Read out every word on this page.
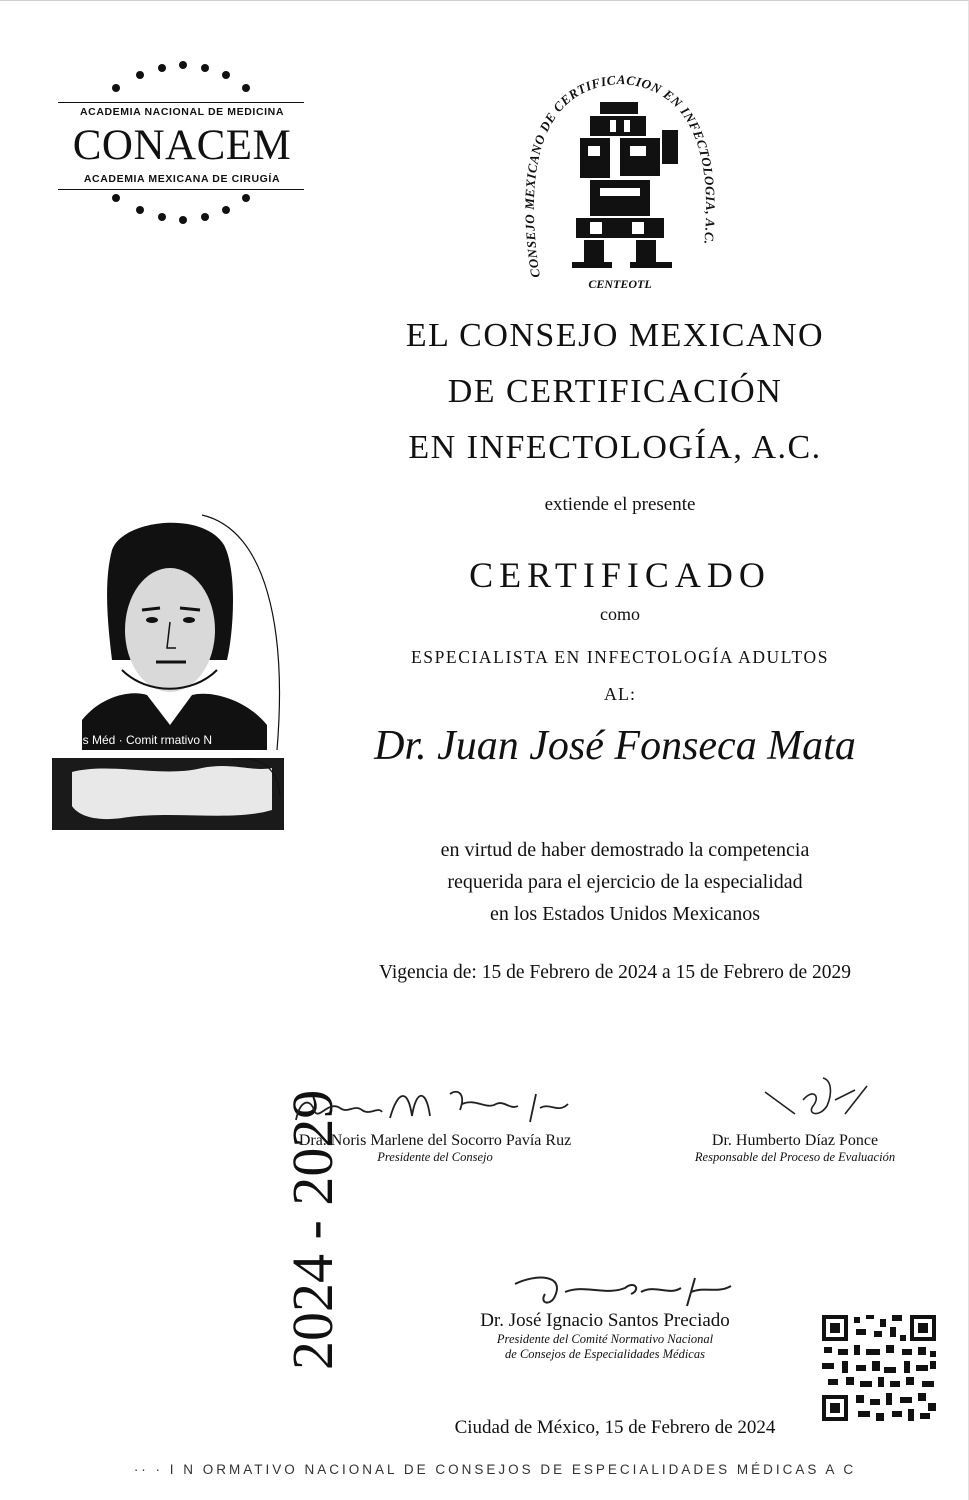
ACADEMIA NACIONAL DE MEDICINA
CONACEM
ACADEMIA MEXICANA DE CIRUGÍA
CONSEJO MEXICANO DE CERTIFICACION EN INFECTOLOGIA, A.C.
CENTEOTL
EL CONSEJO MEXICANO
DE CERTIFICACIÓN
EN INFECTOLOGÍA, A.C.
extiende el presente
CERTIFICADO
como
ESPECIALISTA EN INFECTOLOGÍA ADULTOS
AL:
Dr. Juan José Fonseca Mata
en virtud de haber demostrado la competencia
requerida para el ejercicio de la especialidad
en los Estados Unidos Mexicanos
Vigencia de: 15 de Febrero de 2024 a 15 de Febrero de 2029
es Méd · Comit rmativo N
2024 - 2029
Dra. Noris Marlene del Socorro Pavía Ruz
Presidente del Consejo
Dr. Humberto Díaz Ponce
Responsable del Proceso de Evaluación
Dr. José Ignacio Santos Preciado
Presidente del Comité Normativo Nacional
de Consejos de Especialidades Médicas
Ciudad de México, 15 de Febrero de 2024
·· · I N ORMATIVO NACIONAL DE CONSEJOS DE ESPECIALIDADES MÉDICAS A C
